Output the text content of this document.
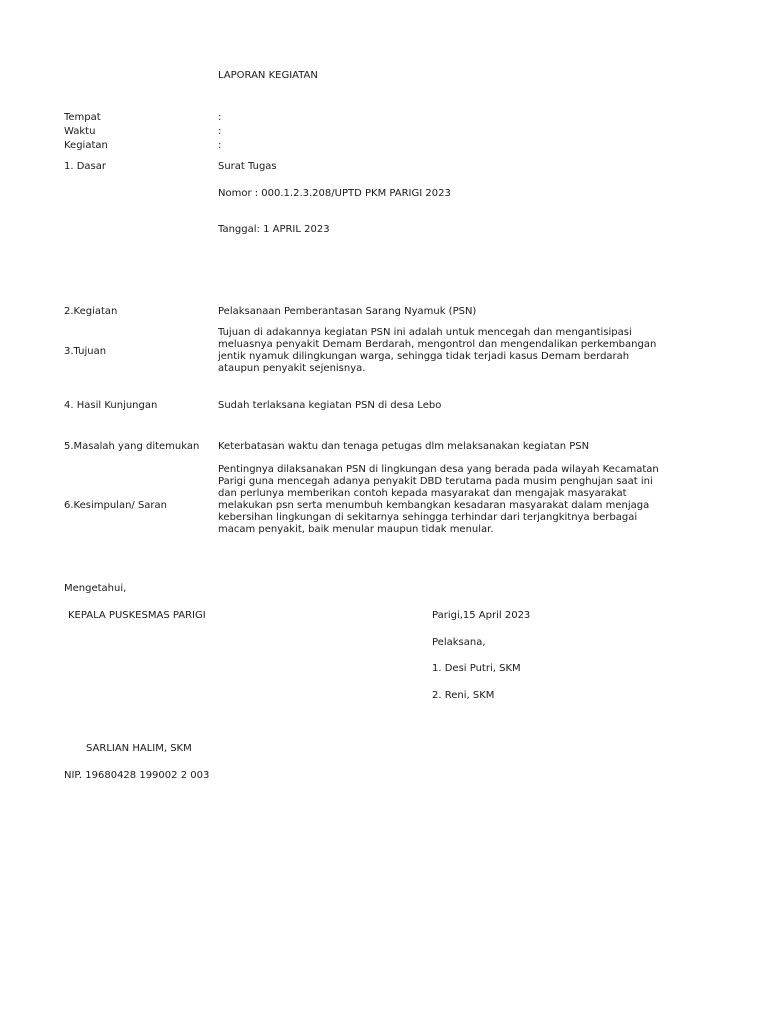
LAPORAN KEGIATAN
Tempat	:
Waktu	:
Kegiatan	:
1. Dasar	Surat Tugas
Nomor : 000.1.2.3.208/UPTD PKM PARIGI 2023
Tanggal: 1 APRIL 2023
2.Kegiatan	Pelaksanaan Pemberantasan Sarang Nyamuk (PSN)
3.Tujuan
Tujuan di adakannya kegiatan PSN ini adalah untuk mencegah dan mengantisipasi
meluasnya penyakit Demam Berdarah, mengontrol dan mengendalikan perkembangan
jentik nyamuk dilingkungan warga, sehingga tidak terjadi kasus Demam berdarah
ataupun penyakit sejenisnya.
4. Hasil Kunjungan	Sudah terlaksana kegiatan PSN di desa Lebo
5.Masalah yang ditemukan Keterbatasan waktu dan tenaga petugas dlm melaksanakan kegiatan PSN
6.Kesimpulan/ Saran
Pentingnya dilaksanakan PSN di lingkungan desa yang berada pada wilayah Kecamatan
Parigi guna mencegah adanya penyakit DBD terutama pada musim penghujan saat ini
dan perlunya memberikan contoh kepada masyarakat dan mengajak masyarakat
melakukan psn serta menumbuh kembangkan kesadaran masyarakat dalam menjaga
kebersihan lingkungan di sekitarnya sehingga terhindar dari terjangkitnya berbagai
macam penyakit, baik menular maupun tidak menular.
Mengetahui,
KEPALA PUSKESMAS PARIGI	Parigi,15 April 2023
Pelaksana,
1. Desi Putri, SKM
2. Reni, SKM
SARLIAN HALIM, SKM
NIP. 19680428 199002 2 003
